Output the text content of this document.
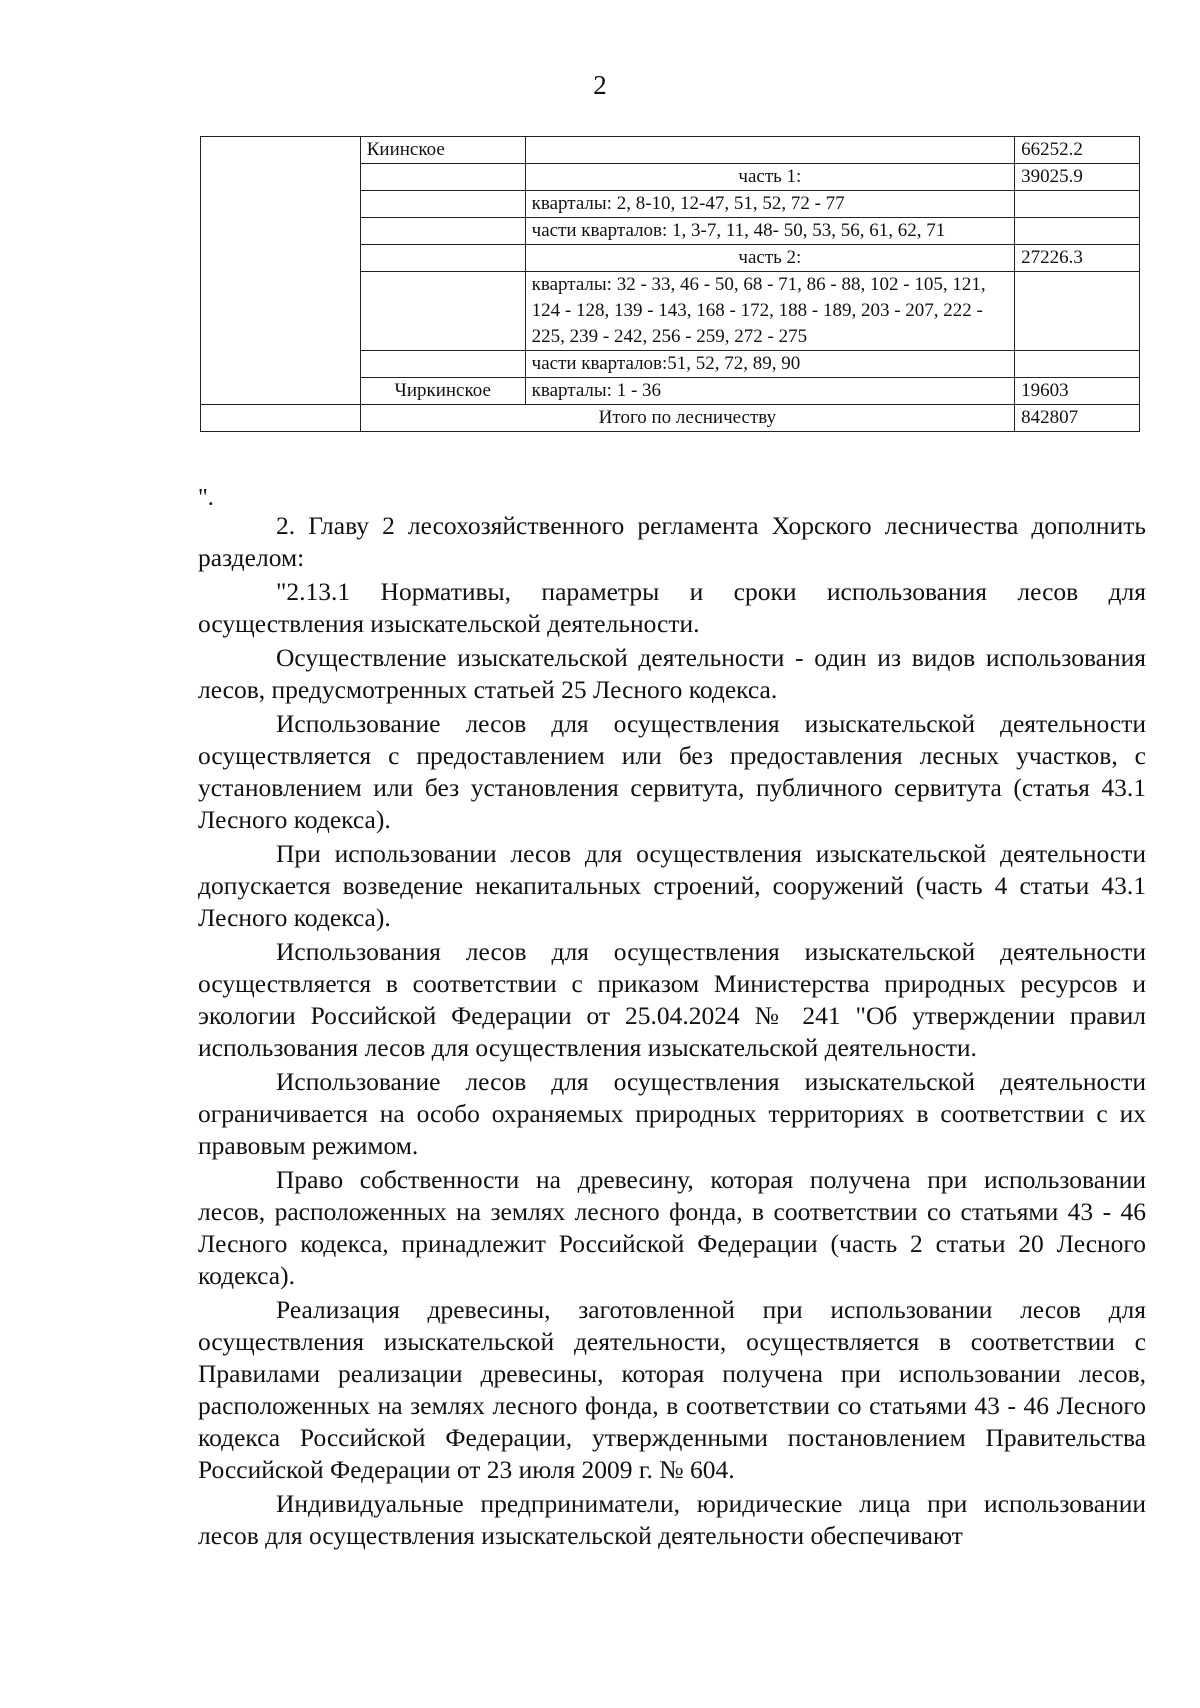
2
	Киинское		66252.2
		часть 1:	39025.9
		кварталы: 2, 8-10, 12-47, 51, 52, 72 - 77	
		части кварталов: 1, 3-7, 11, 48- 50, 53, 56, 61, 62, 71	
		часть 2:	27226.3
		кварталы: 32 - 33, 46 - 50, 68 - 71, 86 - 88, 102 - 105, 121, 124 - 128, 139 - 143, 168 - 172, 188 - 189, 203 - 207, 222 - 225, 239 - 242, 256 - 259, 272 - 275	
		части кварталов:51, 52, 72, 89, 90	
	Чиркинское	кварталы: 1 - 36	19603
	Итого по лесничеству		842807
".

2. Главу 2 лесохозяйственного регламента Хорского лесничества дополнить разделом:

"2.13.1 Нормативы, параметры и сроки использования лесов для осуществления изыскательской деятельности.

Осуществление изыскательской деятельности - один из видов использования лесов, предусмотренных статьей 25 Лесного кодекса.

Использование лесов для осуществления изыскательской деятельности осуществляется с предоставлением или без предоставления лесных участков, с установлением или без установления сервитута, публичного сервитута (статья 43.1 Лесного кодекса).

При использовании лесов для осуществления изыскательской деятельности допускается возведение некапитальных строений, сооружений (часть 4 статьи 43.1 Лесного кодекса).

Использования лесов для осуществления изыскательской деятельности осуществляется в соответствии с приказом Министерства природных ресурсов и экологии Российской Федерации от 25.04.2024 № 241 "Об утверждении правил использования лесов для осуществления изыскательской деятельности.

Использование лесов для осуществления изыскательской деятельности ограничивается на особо охраняемых природных территориях в соответствии с их правовым режимом.

Право собственности на древесину, которая получена при использовании лесов, расположенных на землях лесного фонда, в соответствии со статьями 43 - 46 Лесного кодекса, принадлежит Российской Федерации (часть 2 статьи 20 Лесного кодекса).

Реализация древесины, заготовленной при использовании лесов для осуществления изыскательской деятельности, осуществляется в соответствии с Правилами реализации древесины, которая получена при использовании лесов, расположенных на землях лесного фонда, в соответствии со статьями 43 - 46 Лесного кодекса Российской Федерации, утвержденными постановлением Правительства Российской Федерации от 23 июля 2009 г. № 604.

Индивидуальные предприниматели, юридические лица при использовании лесов для осуществления изыскательской деятельности обеспечивают
